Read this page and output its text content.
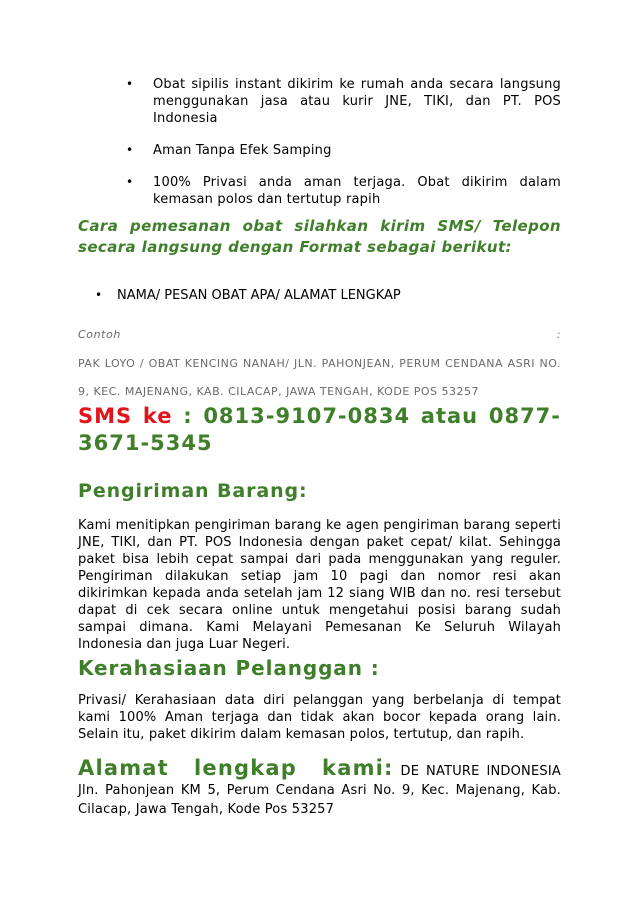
• Obat sipilis instant dikirim ke rumah anda secara langsung menggunakan jasa atau kurir JNE, TIKI, dan PT. POS Indonesia
• Aman Tanpa Efek Samping
• 100% Privasi anda aman terjaga. Obat dikirim dalam kemasan polos dan tertutup rapih
Cara pemesanan obat silahkan kirim SMS/ Telepon secara langsung dengan Format sebagai berikut:
• NAMA/ PESAN OBAT APA/ ALAMAT LENGKAP
Contoh	:
PAK LOYO / OBAT KENCING NANAH/ JLN. PAHONJEAN, PERUM CENDANA ASRI NO. 9, KEC. MAJENANG, KAB. CILACAP, JAWA TENGAH, KODE POS 53257
SMS ke : 0813-9107-0834 atau 0877-3671-5345
Pengiriman Barang:
Kami menitipkan pengiriman barang ke agen pengiriman barang seperti JNE, TIKI, dan PT. POS Indonesia dengan paket cepat/ kilat. Sehingga paket bisa lebih cepat sampai dari pada menggunakan yang reguler. Pengiriman dilakukan setiap jam 10 pagi dan nomor resi akan dikirimkan kepada anda setelah jam 12 siang WIB dan no. resi tersebut dapat di cek secara online untuk mengetahui posisi barang sudah sampai dimana. Kami Melayani Pemesanan Ke Seluruh Wilayah Indonesia dan juga Luar Negeri.
Kerahasiaan Pelanggan :
Privasi/ Kerahasiaan data diri pelanggan yang berbelanja di tempat kami 100% Aman terjaga dan tidak akan bocor kepada orang lain. Selain itu, paket dikirim dalam kemasan polos, tertutup, dan rapih.
Alamat lengkap kami: DE NATURE INDONESIA Jln. Pahonjean KM 5, Perum Cendana Asri No. 9, Kec. Majenang, Kab. Cilacap, Jawa Tengah, Kode Pos 53257
